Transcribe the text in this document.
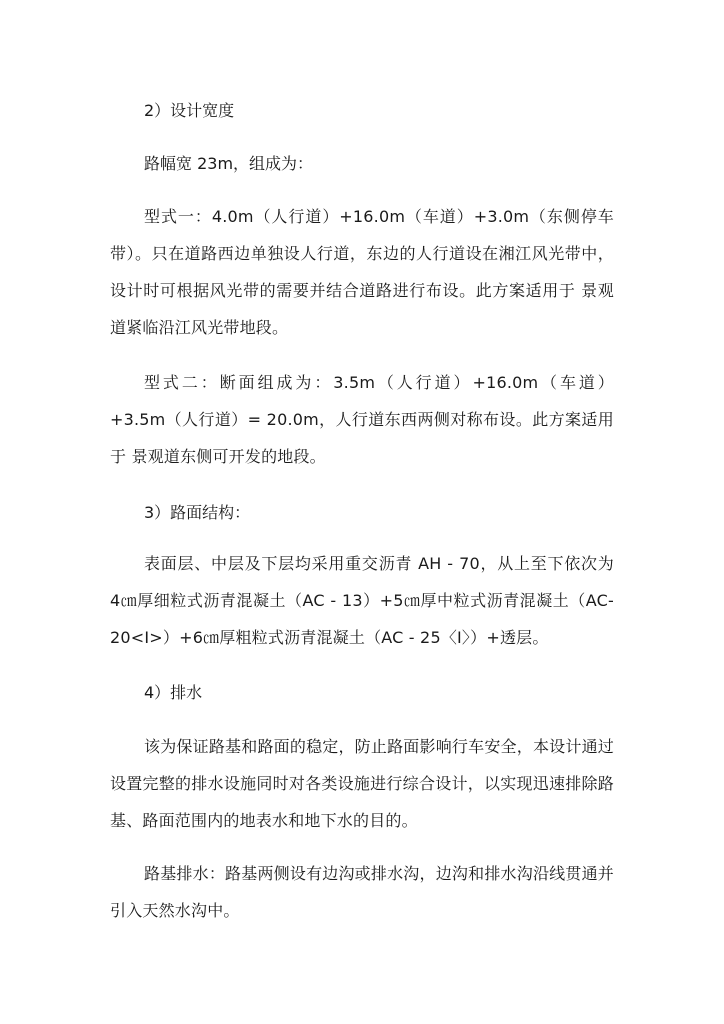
2）设计宽度

路幅宽 23m，组成为：

型式一：4.0m（人行道）+16.0m（车道）+3.0m（东侧停车带）。只在道路西边单独设人行道，东边的人行道设在湘江风光带中，设计时可根据风光带的需要并结合道路进行布设。此方案适用于 景观道紧临沿江风光带地段。

型式二：断面组成为：3.5m（人行道）+16.0m（车道）+3.5m（人行道）= 20.0m，人行道东西两侧对称布设。此方案适用于 景观道东侧可开发的地段。

3）路面结构：

表面层、中层及下层均采用重交沥青 AH - 70，从上至下依次为 4㎝厚细粒式沥青混凝土（AC - 13）+5㎝厚中粒式沥青混凝土（AC-20<I>）+6㎝厚粗粒式沥青混凝土（AC - 25〈I〉）+透层。

4）排水

该为保证路基和路面的稳定，防止路面影响行车安全，本设计通过设置完整的排水设施同时对各类设施进行综合设计，以实现迅速排除路基、路面范围内的地表水和地下水的目的。

路基排水：路基两侧设有边沟或排水沟，边沟和排水沟沿线贯通并引入天然水沟中。
